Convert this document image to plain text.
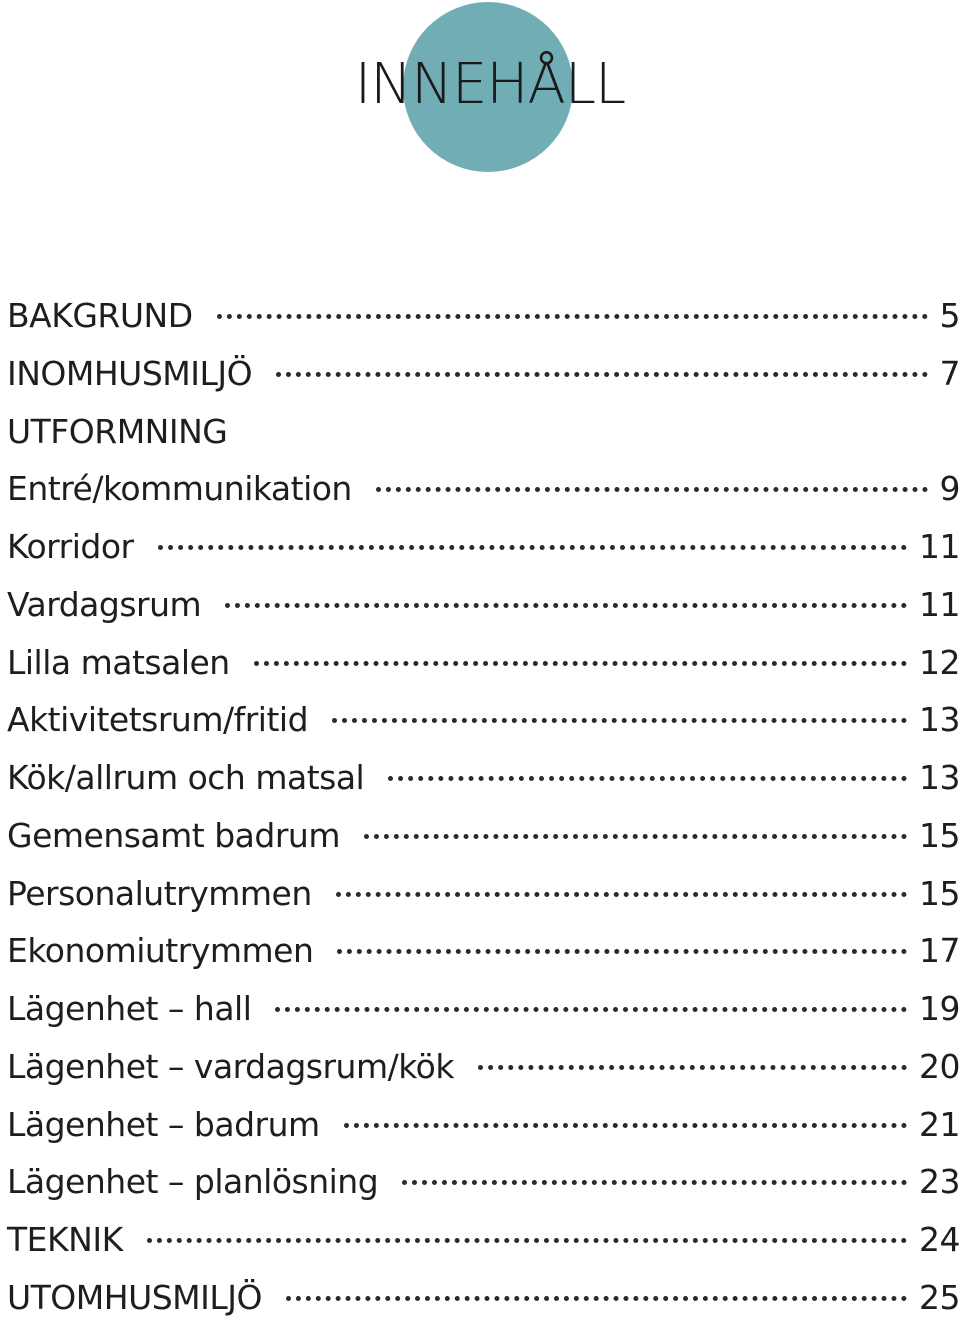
INNEHÅLL
BAKGRUND	5
INOMHUSMILJÖ	7
UTFORMNING
Entré/kommunikation	9
Korridor	11
Vardagsrum	11
Lilla matsalen	12
Aktivitetsrum/fritid	13
Kök/allrum och matsal	13
Gemensamt badrum	15
Personalutrymmen	15
Ekonomiutrymmen	17
Lägenhet – hall	19
Lägenhet – vardagsrum/kök	20
Lägenhet – badrum	21
Lägenhet – planlösning	23
TEKNIK	24
UTOMHUSMILJÖ	25
